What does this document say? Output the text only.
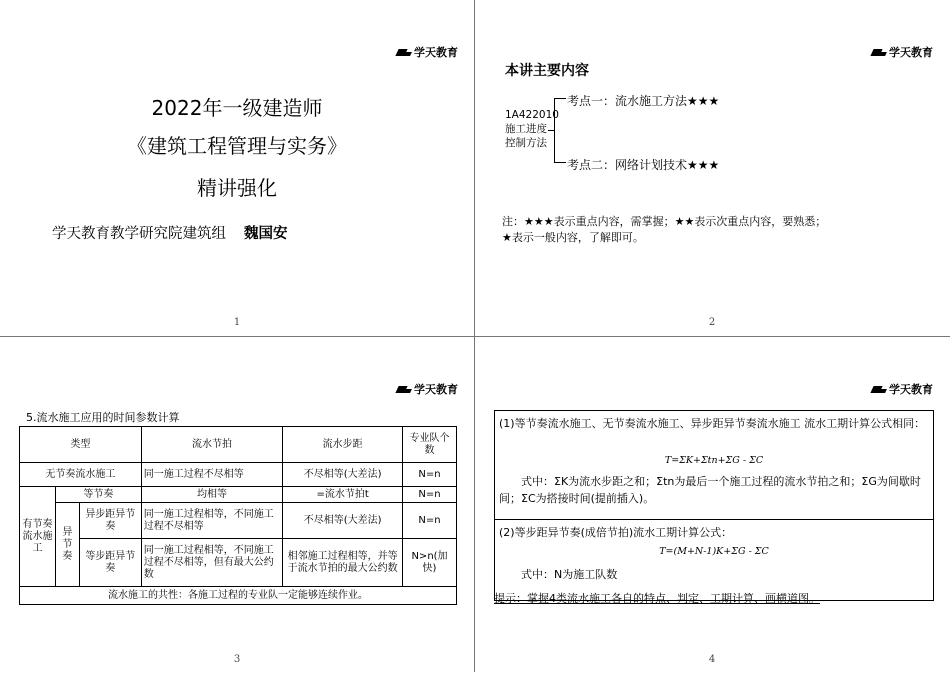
学天教育
2022年一级建造师
《建筑工程管理与实务》
精讲强化
学天教育教学研究院建筑组 魏国安
1
学天教育
本讲主要内容
1A422010
施工进度
控制方法
考点一：流水施工方法★★★
考点二：网络计划技术★★★
注：★★★表示重点内容，需掌握；★★表示次重点内容，要熟悉；★表示一般内容，了解即可。
2
学天教育
5.流水施工应用的时间参数计算
类型			流水节拍	流水步距	专业队个数
无节奏流水施工			同一施工过程不尽相等	不尽相等(大差法)	N=n
有节奏流水施工	等节奏		均相等	=流水节拍t	N=n
	异节奏	异步距异节奏	同一施工过程相等，不同施工过程不尽相等	不尽相等(大差法)	N=n
		等步距异节奏	同一施工过程相等，不同施工过程不尽相等，但有最大公约数	相邻施工过程相等，并等于流水节拍的最大公约数	N>n(加快)
流水施工的共性：各施工过程的专业队一定能够连续作业。					
3
学天教育
(1)等节奏流水施工、无节奏流水施工、异步距异节奏流水施工 流水工期计算公式相同：
T=ΣK+Σtn+ΣG - ΣC
式中：ΣK为流水步距之和；Σtn为最后一个施工过程的流水节拍之和；ΣG为间歇时间；ΣC为搭接时间(提前插入)。
(2)等步距异节奏(成倍节拍)流水工期计算公式：
T=(M+N-1)K+ΣG - ΣC
式中：N为施工队数
提示：掌握4类流水施工各自的特点、判定、工期计算、画横道图。
4
